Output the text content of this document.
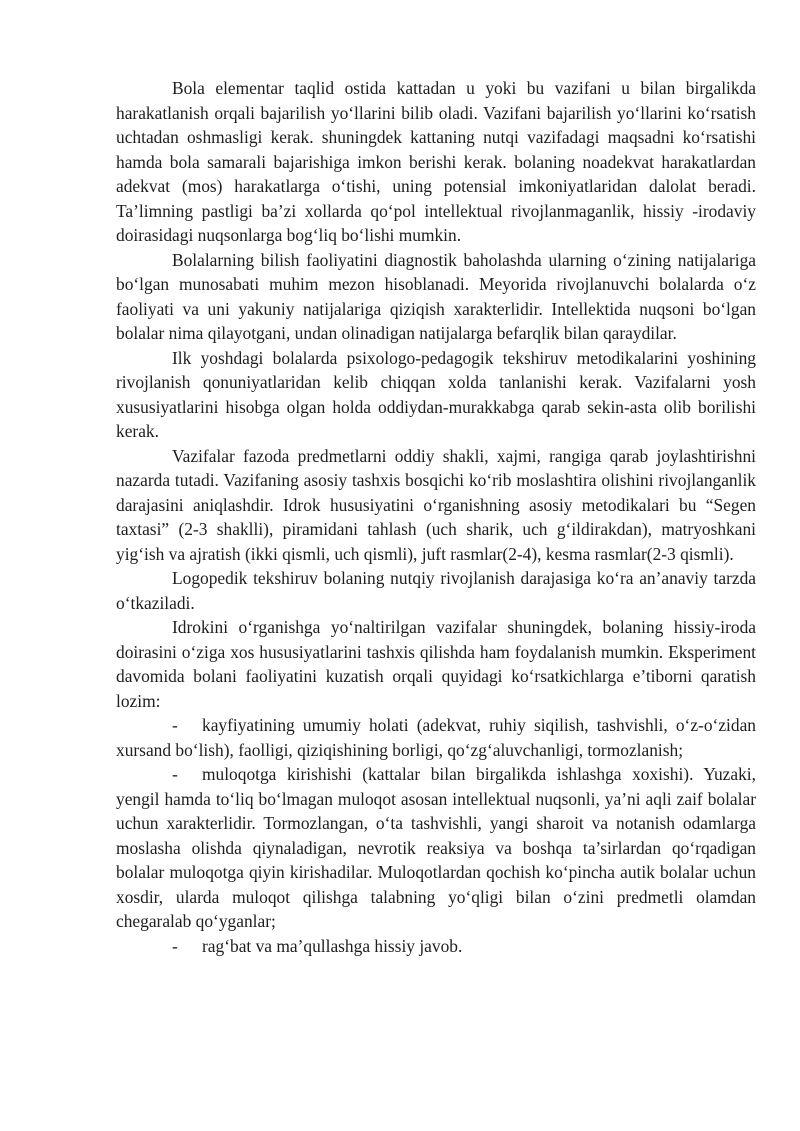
Bola elementar taqlid ostida kattadan u yoki bu vazifani u bilan birgalikda harakatlanish orqali bajarilish yo‘llarini bilib oladi. Vazifani bajarilish yo‘llarini ko‘rsatish uchtadan oshmasligi kerak. shuningdek kattaning nutqi vazifadagi maqsadni ko‘rsatishi hamda bola samarali bajarishiga imkon berishi kerak. bolaning noadekvat harakatlardan adekvat (mos) harakatlarga o‘tishi, uning potensial imkoniyatlaridan dalolat beradi. Ta’limning pastligi ba’zi xollarda qo‘pol intellektual rivojlanmaganlik, hissiy -irodaviy doirasidagi nuqsonlarga bog‘liq bo‘lishi mumkin.

Bolalarning bilish faoliyatini diagnostik baholashda ularning o‘zining natijalariga bo‘lgan munosabati muhim mezon hisoblanadi. Meyorida rivojlanuvchi bolalarda o‘z faoliyati va uni yakuniy natijalariga qiziqish xarakterlidir. Intellektida nuqsoni bo‘lgan bolalar nima qilayotgani, undan olinadigan natijalarga befarqlik bilan qaraydilar.

Ilk yoshdagi bolalarda psixologo-pedagogik tekshiruv metodikalarini yoshining rivojlanish qonuniyatlaridan kelib chiqqan xolda tanlanishi kerak. Vazifalarni yosh xususiyatlarini hisobga olgan holda oddiydan-murakkabga qarab sekin-asta olib borilishi kerak.

Vazifalar fazoda predmetlarni oddiy shakli, xajmi, rangiga qarab joylashtirishni nazarda tutadi. Vazifaning asosiy tashxis bosqichi ko‘rib moslashtira olishini rivojlanganlik darajasini aniqlashdir. Idrok hususiyatini o‘rganishning asosiy metodikalari bu “Segen taxtasi” (2-3 shaklli), piramidani tahlash (uch sharik, uch g‘ildirakdan), matryoshkani yig‘ish va ajratish (ikki qismli, uch qismli), juft rasmlar(2-4), kesma rasmlar(2-3 qismli).

Logopedik tekshiruv bolaning nutqiy rivojlanish darajasiga ko‘ra an’anaviy tarzda o‘tkaziladi.

Idrokini o‘rganishga yo‘naltirilgan vazifalar shuningdek, bolaning hissiy-iroda doirasini o‘ziga xos hususiyatlarini tashxis qilishda ham foydalanish mumkin. Eksperiment davomida bolani faoliyatini kuzatish orqali quyidagi ko‘rsatkichlarga e’tiborni qaratish lozim:

- kayfiyatining umumiy holati (adekvat, ruhiy siqilish, tashvishli, o‘z-o‘zidan xursand bo‘lish), faolligi, qiziqishining borligi, qo‘zg‘aluvchanligi, tormozlanish;

- muloqotga kirishishi (kattalar bilan birgalikda ishlashga xoxishi). Yuzaki, yengil hamda to‘liq bo‘lmagan muloqot asosan intellektual nuqsonli, ya’ni aqli zaif bolalar uchun xarakterlidir. Tormozlangan, o‘ta tashvishli, yangi sharoit va notanish odamlarga moslasha olishda qiynaladigan, nevrotik reaksiya va boshqa ta’sirlardan qo‘rqadigan bolalar muloqotga qiyin kirishadilar. Muloqotlardan qochish ko‘pincha autik bolalar uchun xosdir, ularda muloqot qilishga talabning yo‘qligi bilan o‘zini predmetli olamdan chegaralab qo‘yganlar;

- rag‘bat va ma’qullashga hissiy javob.
